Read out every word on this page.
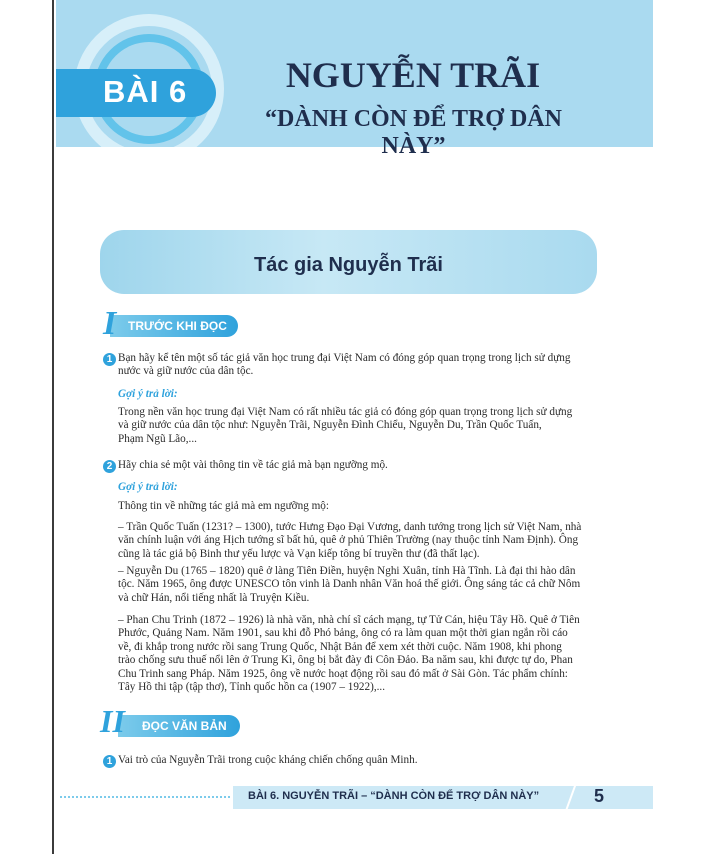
BÀI 6	NGUYỄN TRÃI
“DÀNH CÒN ĐỂ TRỢ DÂN NÀY”
Tác gia Nguyễn Trãi
TRƯỚC KHI ĐỌC
I
1 Bạn hãy kể tên một số tác giả văn học trung đại Việt Nam có đóng góp quan trọng trong lịch sử dựng
nước và giữ nước của dân tộc.
Gợi ý trả lời:
Trong nền văn học trung đại Việt Nam có rất nhiều tác giả có đóng góp quan trọng trong lịch sử dựng
và giữ nước của dân tộc như: Nguyễn Trãi, Nguyễn Đình Chiểu, Nguyễn Du, Trần Quốc Tuấn,
Phạm Ngũ Lão,...
2 Hãy chia sẻ một vài thông tin về tác giả mà bạn ngưỡng mộ.
Gợi ý trả lời:
Thông tin về những tác giả mà em ngưỡng mộ:
– Trần Quốc Tuấn (1231? – 1300), tước Hưng Đạo Đại Vương, danh tướng trong lịch sử Việt Nam, nhà
văn chính luận với áng Hịch tướng sĩ bất hủ, quê ở phủ Thiên Trường (nay thuộc tỉnh Nam Định). Ông
cũng là tác giả bộ Binh thư yếu lược và Vạn kiếp tông bí truyền thư (đã thất lạc).
– Nguyễn Du (1765 – 1820) quê ở làng Tiên Điền, huyện Nghi Xuân, tỉnh Hà Tĩnh. Là đại thi hào dân
tộc. Năm 1965, ông được UNESCO tôn vinh là Danh nhân Văn hoá thế giới. Ông sáng tác cả chữ Nôm
và chữ Hán, nổi tiếng nhất là Truyện Kiều.
– Phan Chu Trinh (1872 – 1926) là nhà văn, nhà chí sĩ cách mạng, tự Tử Cán, hiệu Tây Hồ. Quê ở Tiên
Phước, Quảng Nam. Năm 1901, sau khi đỗ Phó bảng, ông có ra làm quan một thời gian ngắn rồi cáo
về, đi khắp trong nước rồi sang Trung Quốc, Nhật Bản để xem xét thời cuộc. Năm 1908, khi phong
trào chống sưu thuế nổi lên ở Trung Kì, ông bị bắt đày đi Côn Đảo. Ba năm sau, khi được tự do, Phan
Chu Trinh sang Pháp. Năm 1925, ông về nước hoạt động rồi sau đó mất ở Sài Gòn. Tác phẩm chính:
Tây Hồ thi tập (tập thơ), Tỉnh quốc hồn ca (1907 – 1922),...
ĐỌC VĂN BẢN
II
1 Vai trò của Nguyễn Trãi trong cuộc kháng chiến chống quân Minh.
BÀI 6. NGUYỄN TRÃI – “DÀNH CÒN ĐỂ TRỢ DÂN NÀY”	5
